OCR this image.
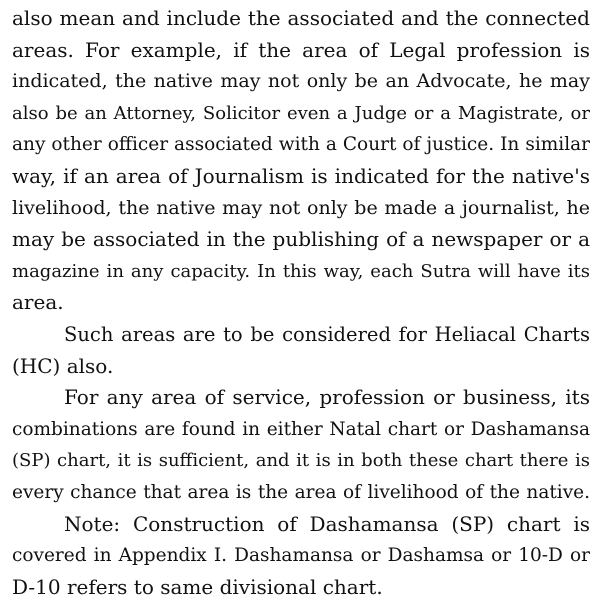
also mean and include the associated and the connected
areas. For example, if the area of Legal profession is
indicated, the native may not only be an Advocate, he may
also be an Attorney, Solicitor even a Judge or a Magistrate, or
any other officer associated with a Court of justice. In similar
way, if an area of Journalism is indicated for the native's
livelihood, the native may not only be made a journalist, he
may be associated in the publishing of a newspaper or a
magazine in any capacity. In this way, each Sutra will have its
area.
Such areas are to be considered for Heliacal Charts
(HC) also.
For any area of service, profession or business, its
combinations are found in either Natal chart or Dashamansa
(SP) chart, it is sufficient, and it is in both these chart there is
every chance that area is the area of livelihood of the native.
Note: Construction of Dashamansa (SP) chart is
covered in Appendix I. Dashamansa or Dashamsa or 10-D or
D-10 refers to same divisional chart.
